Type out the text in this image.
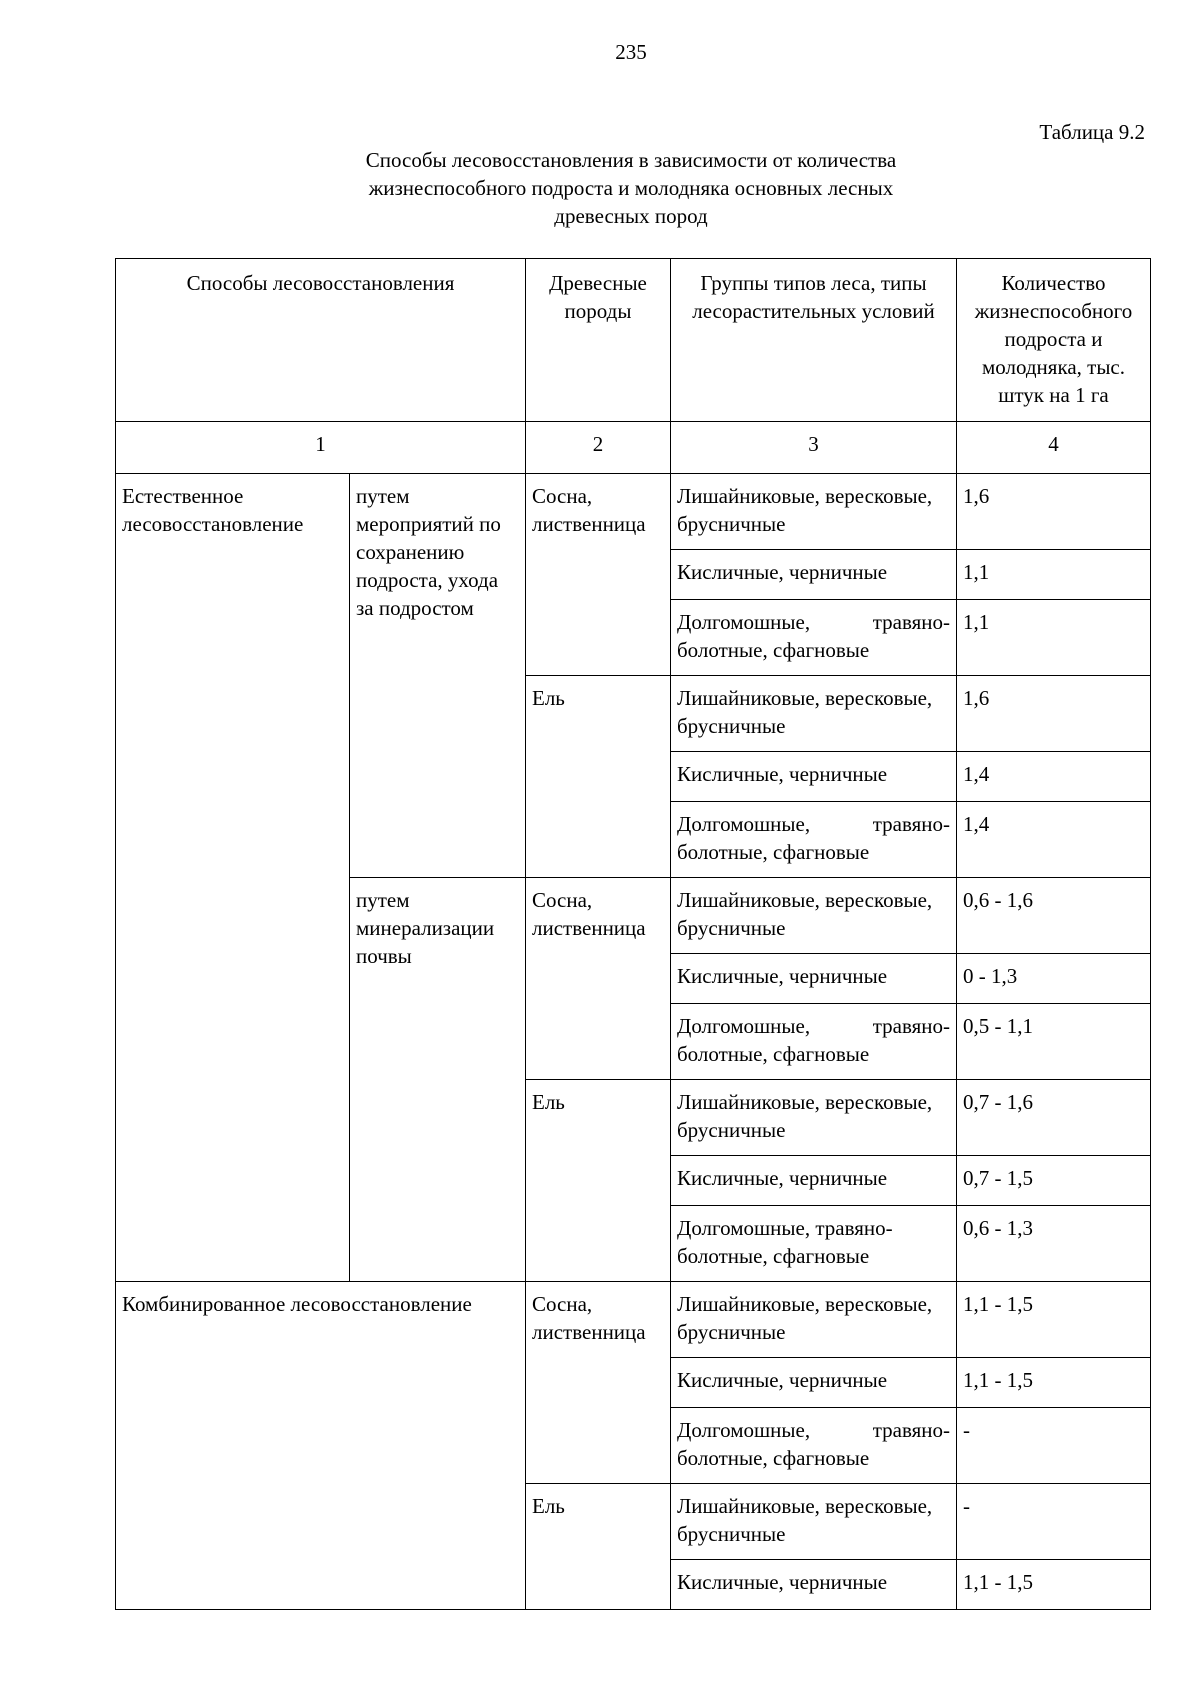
235
Таблица 9.2
Способы лесовосстановления в зависимости от количества
жизнеспособного подроста и молодняка основных лесных
древесных пород
Способы лесовосстановления		Древесные породы	Группы типов леса, типы лесорастительных условий	Количество жизнеспособного подроста и молодняка, тыс. штук на 1 га
1		2	3	4
Естественное лесовосстановление	путем мероприятий по сохранению подроста, ухода за подростом	Сосна, лиственница	Лишайниковые, вересковые, брусничные	1,6
			Кисличные, черничные	1,1
			Долгомошные, травяно-болотные, сфагновые	1,1
		Ель	Лишайниковые, вересковые, брусничные	1,6
			Кисличные, черничные	1,4
			Долгомошные, травяно-болотные, сфагновые	1,4
	путем минерализации почвы	Сосна, лиственница	Лишайниковые, вересковые, брусничные	0,6 - 1,6
			Кисличные, черничные	0 - 1,3
			Долгомошные, травяно-болотные, сфагновые	0,5 - 1,1
		Ель	Лишайниковые, вересковые, брусничные	0,7 - 1,6
			Кисличные, черничные	0,7 - 1,5
			Долгомошные, травяно-болотные, сфагновые	0,6 - 1,3
Комбинированное лесовосстановление		Сосна, лиственница	Лишайниковые, вересковые, брусничные	1,1 - 1,5
			Кисличные, черничные	1,1 - 1,5
			Долгомошные, травяно-болотные, сфагновые	-
		Ель	Лишайниковые, вересковые, брусничные	-
			Кисличные, черничные	1,1 - 1,5
